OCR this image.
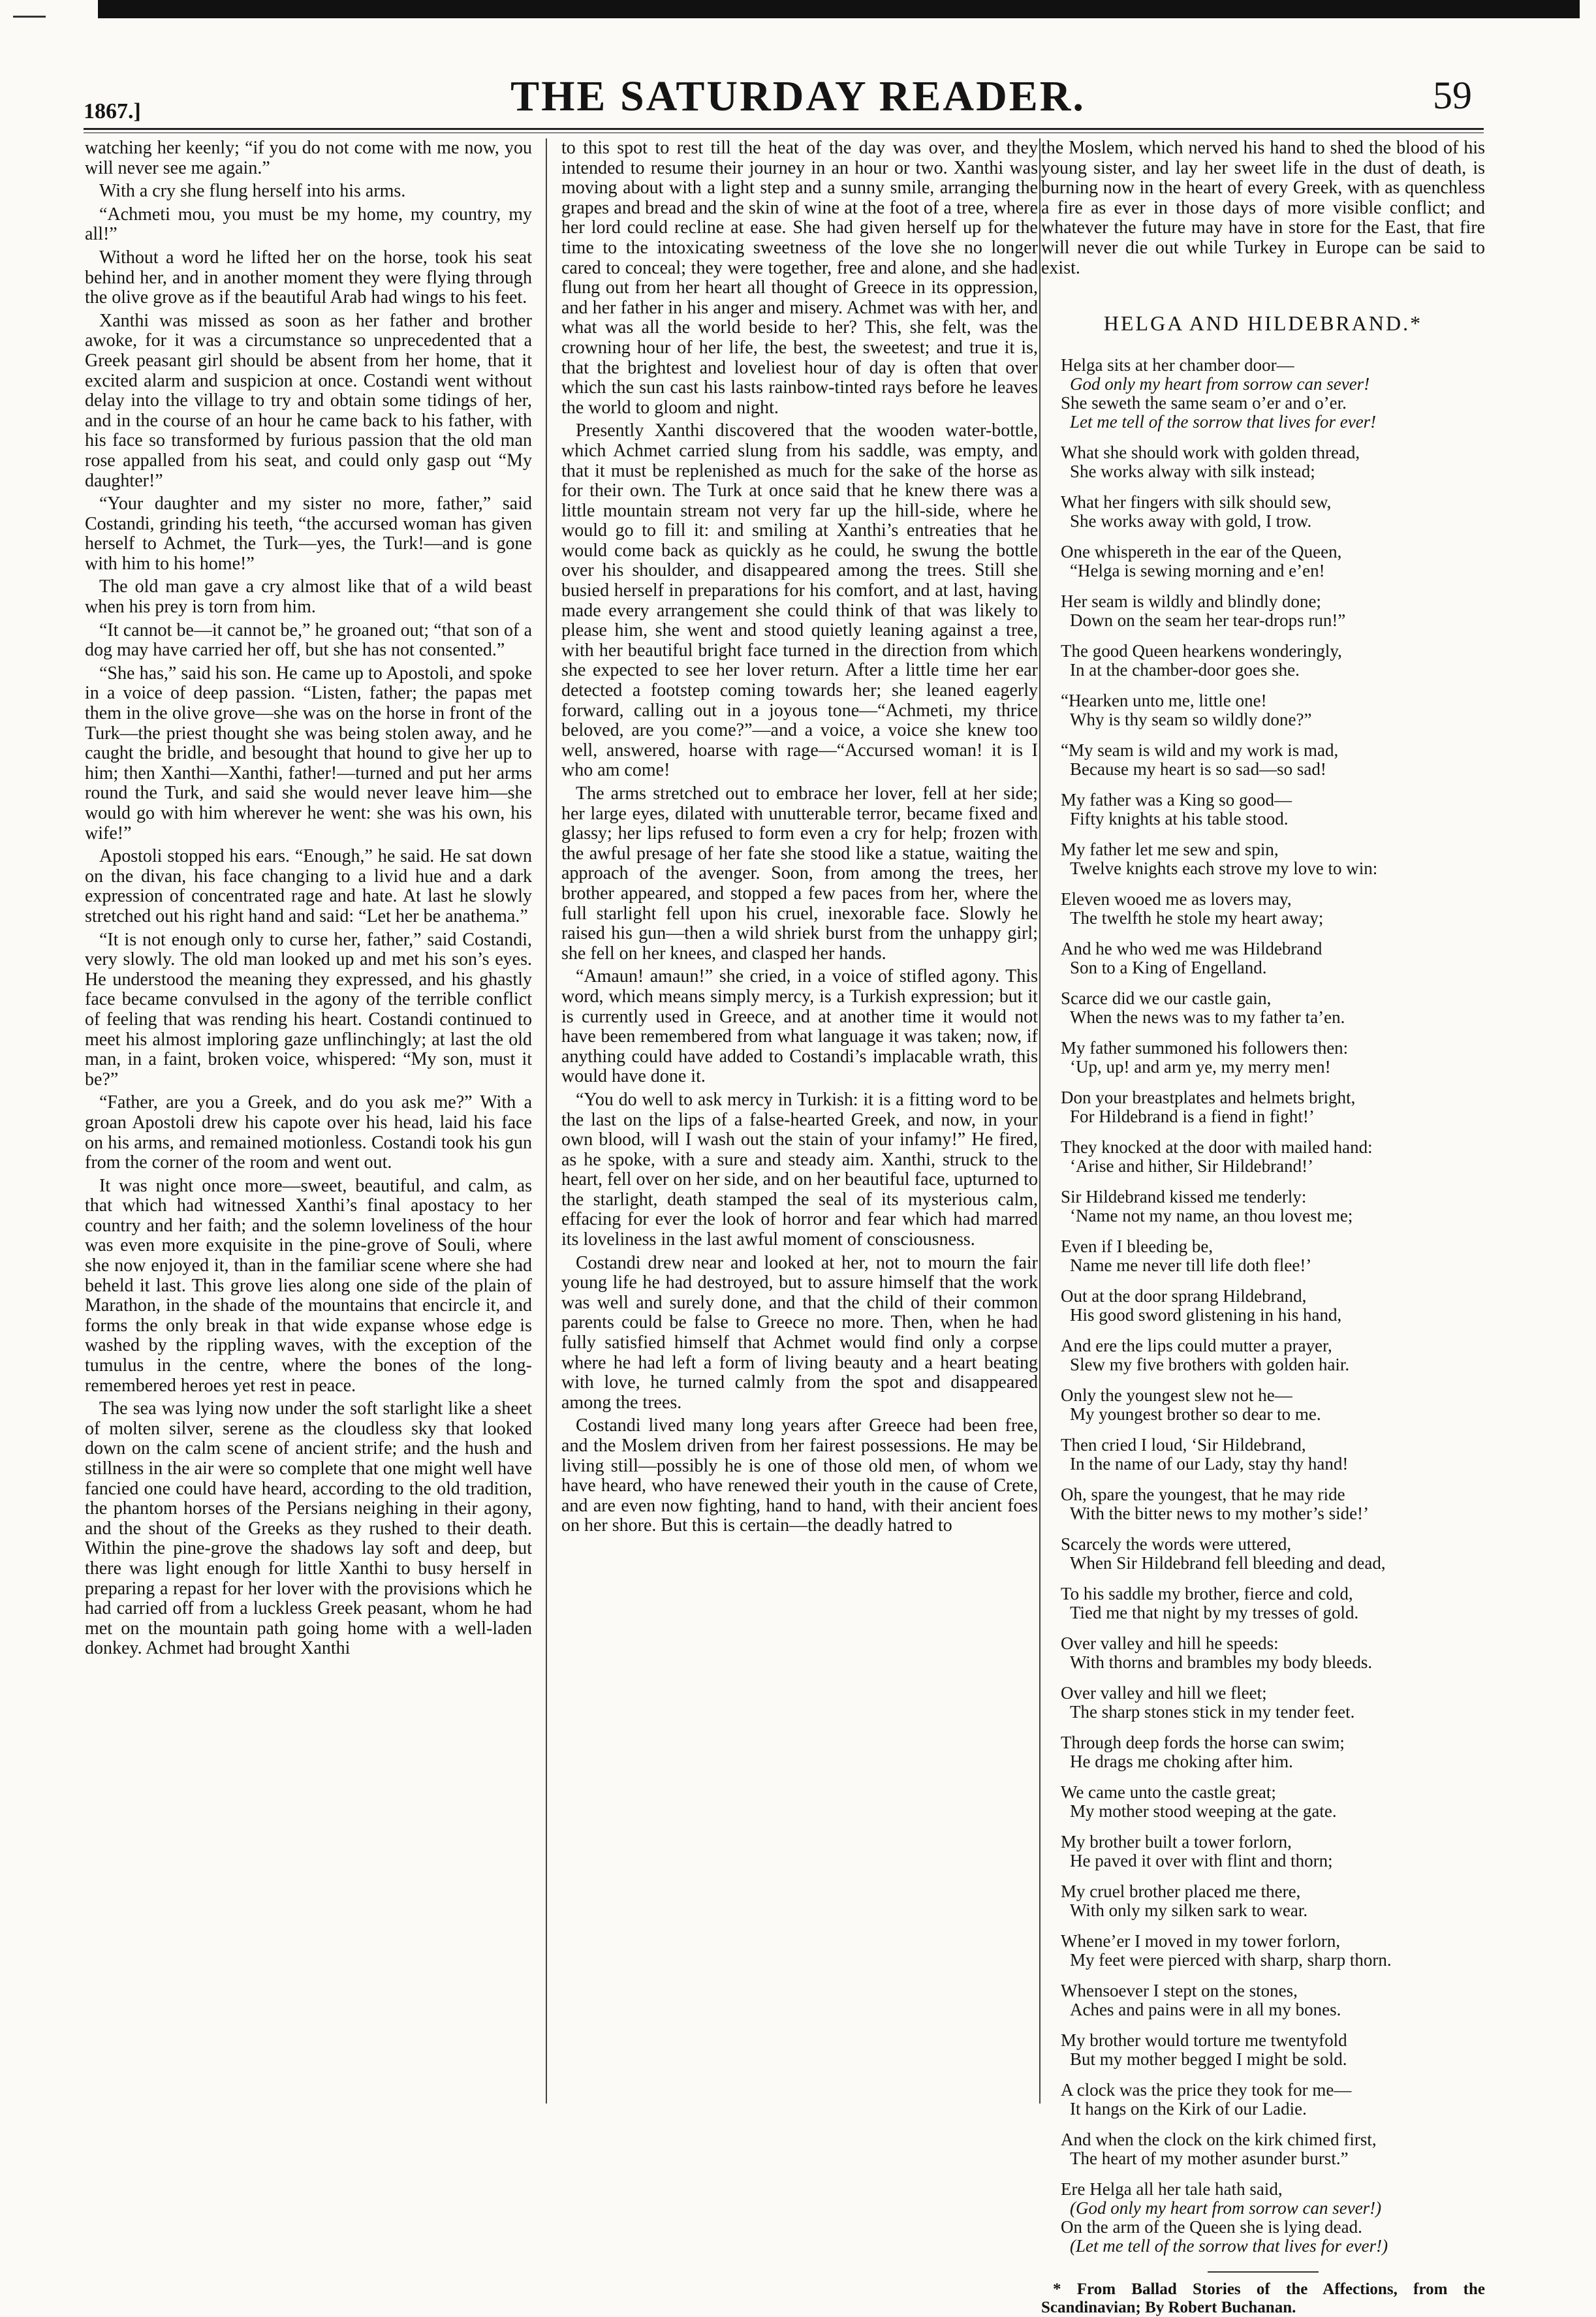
1867.]	THE SATURDAY READER.	59

watching her keenly; “if you do not come with me now, you will never see me again.”

With a cry she flung herself into his arms.

“Achmeti mou, you must be my home, my country, my all!”

Without a word he lifted her on the horse, took his seat behind her, and in another moment they were flying through the olive grove as if the beautiful Arab had wings to his feet.

Xanthi was missed as soon as her father and brother awoke, for it was a circumstance so unprecedented that a Greek peasant girl should be absent from her home, that it excited alarm and suspicion at once. Costandi went without delay into the village to try and obtain some tidings of her, and in the course of an hour he came back to his father, with his face so transformed by furious passion that the old man rose appalled from his seat, and could only gasp out “My daughter!”

“Your daughter and my sister no more, father,” said Costandi, grinding his teeth, “the accursed woman has given herself to Achmet, the Turk—yes, the Turk!—and is gone with him to his home!”

The old man gave a cry almost like that of a wild beast when his prey is torn from him.

“It cannot be—it cannot be,” he groaned out; “that son of a dog may have carried her off, but she has not consented.”

“She has,” said his son. He came up to Apostoli, and spoke in a voice of deep passion. “Listen, father; the papas met them in the olive grove—she was on the horse in front of the Turk—the priest thought she was being stolen away, and he caught the bridle, and besought that hound to give her up to him; then Xanthi—Xanthi, father!—turned and put her arms round the Turk, and said she would never leave him—she would go with him wherever he went: she was his own, his wife!”

Apostoli stopped his ears. “Enough,” he said. He sat down on the divan, his face changing to a livid hue and a dark expression of concentrated rage and hate. At last he slowly stretched out his right hand and said: “Let her be anathema.”

“It is not enough only to curse her, father,” said Costandi, very slowly. The old man looked up and met his son’s eyes. He understood the meaning they expressed, and his ghastly face became convulsed in the agony of the terrible conflict of feeling that was rending his heart. Costandi continued to meet his almost imploring gaze unflinchingly; at last the old man, in a faint, broken voice, whispered: “My son, must it be?”

“Father, are you a Greek, and do you ask me?” With a groan Apostoli drew his capote over his head, laid his face on his arms, and remained motionless. Costandi took his gun from the corner of the room and went out.

It was night once more—sweet, beautiful, and calm, as that which had witnessed Xanthi’s final apostacy to her country and her faith; and the solemn loveliness of the hour was even more exquisite in the pine-grove of Souli, where she now enjoyed it, than in the familiar scene where she had beheld it last. This grove lies along one side of the plain of Marathon, in the shade of the mountains that encircle it, and forms the only break in that wide expanse whose edge is washed by the rippling waves, with the exception of the tumulus in the centre, where the bones of the long-remembered heroes yet rest in peace.

The sea was lying now under the soft starlight like a sheet of molten silver, serene as the cloudless sky that looked down on the calm scene of ancient strife; and the hush and stillness in the air were so complete that one might well have fancied one could have heard, according to the old tradition, the phantom horses of the Persians neighing in their agony, and the shout of the Greeks as they rushed to their death. Within the pine-grove the shadows lay soft and deep, but there was light enough for little Xanthi to busy herself in preparing a repast for her lover with the provisions which he had carried off from a luckless Greek peasant, whom he had met on the mountain path going home with a well-laden donkey. Achmet had brought Xanthi

to this spot to rest till the heat of the day was over, and they intended to resume their journey in an hour or two. Xanthi was moving about with a light step and a sunny smile, arranging the grapes and bread and the skin of wine at the foot of a tree, where her lord could recline at ease. She had given herself up for the time to the intoxicating sweetness of the love she no longer cared to conceal; they were together, free and alone, and she had flung out from her heart all thought of Greece in its oppression, and her father in his anger and misery. Achmet was with her, and what was all the world beside to her? This, she felt, was the crowning hour of her life, the best, the sweetest; and true it is, that the brightest and loveliest hour of day is often that over which the sun cast his lasts rainbow-tinted rays before he leaves the world to gloom and night.

Presently Xanthi discovered that the wooden water-bottle, which Achmet carried slung from his saddle, was empty, and that it must be replenished as much for the sake of the horse as for their own. The Turk at once said that he knew there was a little mountain stream not very far up the hill-side, where he would go to fill it: and smiling at Xanthi’s entreaties that he would come back as quickly as he could, he swung the bottle over his shoulder, and disappeared among the trees. Still she busied herself in preparations for his comfort, and at last, having made every arrangement she could think of that was likely to please him, she went and stood quietly leaning against a tree, with her beautiful bright face turned in the direction from which she expected to see her lover return. After a little time her ear detected a footstep coming towards her; she leaned eagerly forward, calling out in a joyous tone—“Achmeti, my thrice beloved, are you come?”—and a voice, a voice she knew too well, answered, hoarse with rage—“Accursed woman! it is I who am come!

The arms stretched out to embrace her lover, fell at her side; her large eyes, dilated with unutterable terror, became fixed and glassy; her lips refused to form even a cry for help; frozen with the awful presage of her fate she stood like a statue, waiting the approach of the avenger. Soon, from among the trees, her brother appeared, and stopped a few paces from her, where the full starlight fell upon his cruel, inexorable face. Slowly he raised his gun—then a wild shriek burst from the unhappy girl; she fell on her knees, and clasped her hands.

“Amaun! amaun!” she cried, in a voice of stifled agony. This word, which means simply mercy, is a Turkish expression; but it is currently used in Greece, and at another time it would not have been remembered from what language it was taken; now, if anything could have added to Costandi’s implacable wrath, this would have done it.

“You do well to ask mercy in Turkish: it is a fitting word to be the last on the lips of a false-hearted Greek, and now, in your own blood, will I wash out the stain of your infamy!” He fired, as he spoke, with a sure and steady aim. Xanthi, struck to the heart, fell over on her side, and on her beautiful face, upturned to the starlight, death stamped the seal of its mysterious calm, effacing for ever the look of horror and fear which had marred its loveliness in the last awful moment of consciousness.

Costandi drew near and looked at her, not to mourn the fair young life he had destroyed, but to assure himself that the work was well and surely done, and that the child of their common parents could be false to Greece no more. Then, when he had fully satisfied himself that Achmet would find only a corpse where he had left a form of living beauty and a heart beating with love, he turned calmly from the spot and disappeared among the trees.

Costandi lived many long years after Greece had been free, and the Moslem driven from her fairest possessions. He may be living still—possibly he is one of those old men, of whom we have heard, who have renewed their youth in the cause of Crete, and are even now fighting, hand to hand, with their ancient foes on her shore. But this is certain—the deadly hatred to

the Moslem, which nerved his hand to shed the blood of his young sister, and lay her sweet life in the dust of death, is burning now in the heart of every Greek, with as quenchless a fire as ever in those days of more visible conflict; and whatever the future may have in store for the East, that fire will never die out while Turkey in Europe can be said to exist.

HELGA AND HILDEBRAND.*
Helga sits at her chamber door—
God only my heart from sorrow can sever!
She seweth the same seam o’er and o’er.
Let me tell of the sorrow that lives for ever!
What she should work with golden thread,
She works alway with silk instead;
What her fingers with silk should sew,
She works away with gold, I trow.
One whispereth in the ear of the Queen,
“Helga is sewing morning and e’en!
Her seam is wildly and blindly done;
Down on the seam her tear-drops run!”
The good Queen hearkens wonderingly,
In at the chamber-door goes she.
“Hearken unto me, little one!
Why is thy seam so wildly done?”
“My seam is wild and my work is mad,
Because my heart is so sad—so sad!
My father was a King so good—
Fifty knights at his table stood.
My father let me sew and spin,
Twelve knights each strove my love to win:
Eleven wooed me as lovers may,
The twelfth he stole my heart away;
And he who wed me was Hildebrand
Son to a King of Engelland.
Scarce did we our castle gain,
When the news was to my father ta’en.
My father summoned his followers then:
‘Up, up! and arm ye, my merry men!
Don your breastplates and helmets bright,
For Hildebrand is a fiend in fight!’
They knocked at the door with mailed hand:
‘Arise and hither, Sir Hildebrand!’
Sir Hildebrand kissed me tenderly:
‘Name not my name, an thou lovest me;
Even if I bleeding be,
Name me never till life doth flee!’
Out at the door sprang Hildebrand,
His good sword glistening in his hand,
And ere the lips could mutter a prayer,
Slew my five brothers with golden hair.
Only the youngest slew not he—
My youngest brother so dear to me.
Then cried I loud, ‘Sir Hildebrand,
In the name of our Lady, stay thy hand!
Oh, spare the youngest, that he may ride
With the bitter news to my mother’s side!’
Scarcely the words were uttered,
When Sir Hildebrand fell bleeding and dead,
To his saddle my brother, fierce and cold,
Tied me that night by my tresses of gold.
Over valley and hill he speeds:
With thorns and brambles my body bleeds.
Over valley and hill we fleet;
The sharp stones stick in my tender feet.
Through deep fords the horse can swim;
He drags me choking after him.
We came unto the castle great;
My mother stood weeping at the gate.
My brother built a tower forlorn,
He paved it over with flint and thorn;
My cruel brother placed me there,
With only my silken sark to wear.
Whene’er I moved in my tower forlorn,
My feet were pierced with sharp, sharp thorn.
Whensoever I stept on the stones,
Aches and pains were in all my bones.
My brother would torture me twentyfold
But my mother begged I might be sold.
A clock was the price they took for me—
It hangs on the Kirk of our Ladie.
And when the clock on the kirk chimed first,
The heart of my mother asunder burst.”
Ere Helga all her tale hath said,
(God only my heart from sorrow can sever!)
On the arm of the Queen she is lying dead.
(Let me tell of the sorrow that lives for ever!)
* From Ballad Stories of the Affections, from the Scandinavian; By Robert Buchanan.
